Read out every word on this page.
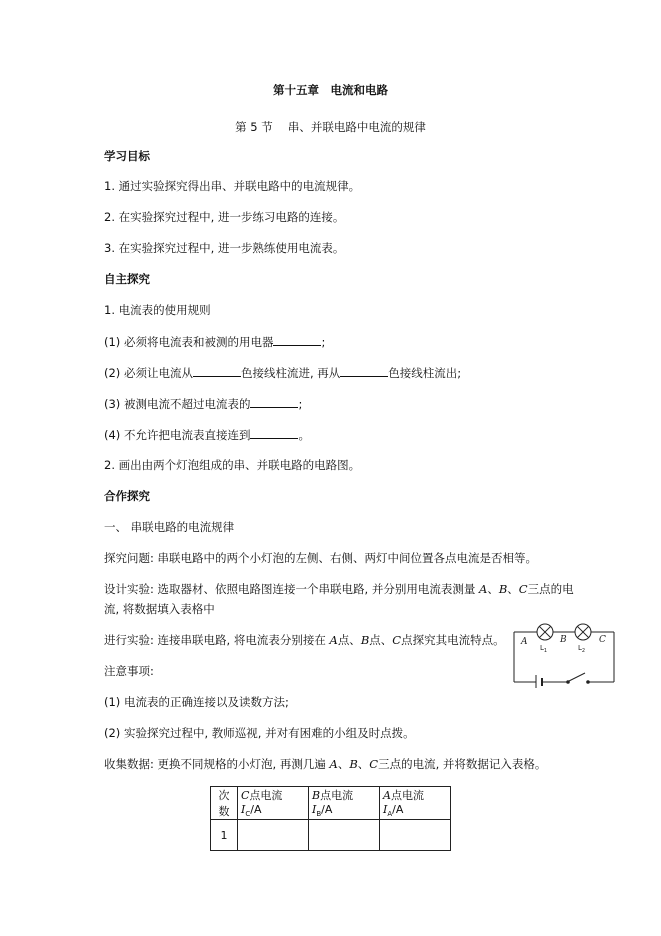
第十五章　电流和电路
第 5 节　 串、并联电路中电流的规律
学习目标
1. 通过实验探究得出串、并联电路中的电流规律。
2. 在实验探究过程中, 进一步练习电路的连接。
3. 在实验探究过程中, 进一步熟练使用电流表。
自主探究
1. 电流表的使用规则
(1) 必须将电流表和被测的用电器	;
(2) 必须让电流从	色接线柱流进, 再从	色接线柱流出;
(3) 被测电流不超过电流表的	;
(4) 不允许把电流表直接连到	。
2. 画出由两个灯泡组成的串、并联电路的电路图。
合作探究
一、 串联电路的电流规律
探究问题: 串联电路中的两个小灯泡的左侧、右侧、两灯中间位置各点电流是否相等。
设计实验: 选取器材、依照电路图连接一个串联电路, 并分别用电流表测量 A、B、C三点的电
流, 将数据填入表格中
进行实验: 连接串联电路, 将电流表分别接在 A点、B点、C点探究其电流特点。
注意事项:
(1) 电流表的正确连接以及读数方法;
(2) 实验探究过程中, 教师巡视, 并对有困难的小组及时点拨。
收集数据: 更换不同规格的小灯泡, 再测几遍 A、B、C三点的电流, 并将数据记入表格。
A	B	C
$L_1$	$L_2$
次数	C点电流 $I_C/A$	B点电流 $I_B/A$	A点电流 $I_A/A$
1			
